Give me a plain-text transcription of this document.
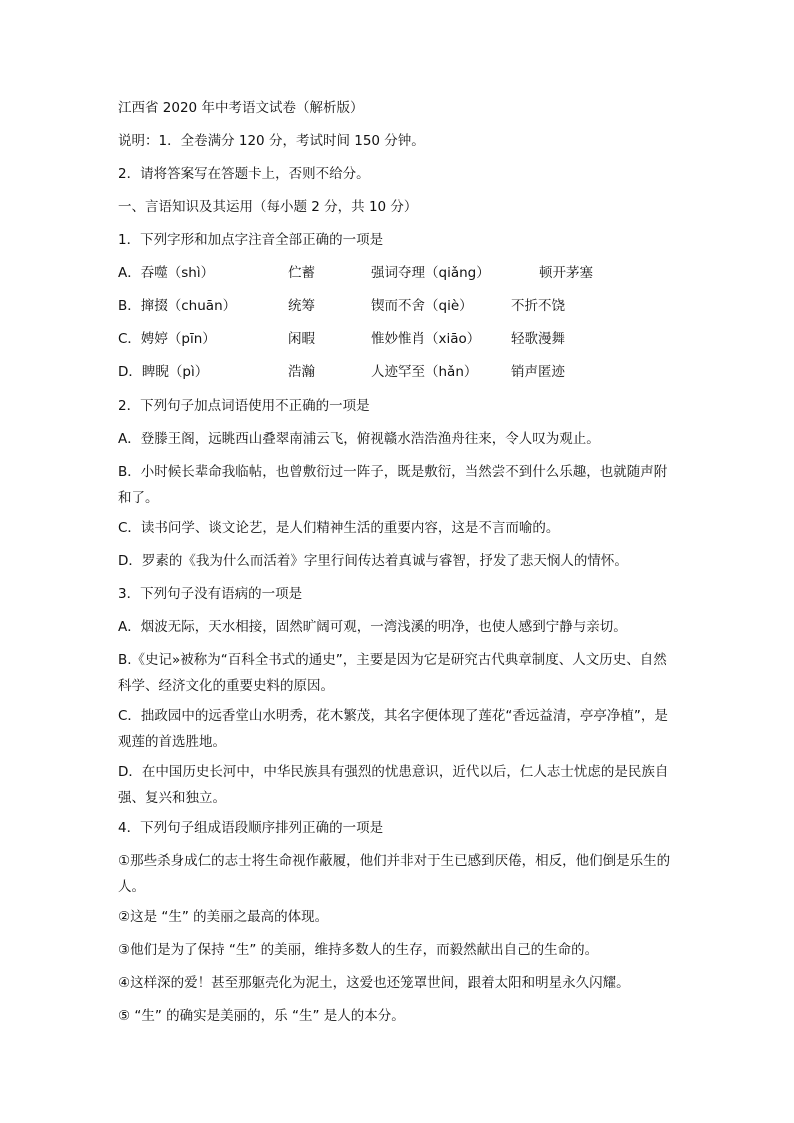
江西省 2020 年中考语文试卷（解析版）
说明：1．全卷满分 120 分，考试时间 150 分钟。
2．请将答案写在答题卡上，否则不给分。
一、言语知识及其运用（每小题 2 分，共 10 分）
1．下列字形和加点字注音全部正确的一项是
A．吞噬（shì）	伫蓄	强词夺理（qiǎng）	顿开茅塞
B．撺掇（chuān）	统筹	锲而不舍（qiè）	不折不饶
C．娉婷（pīn）	闲暇	惟妙惟肖（xiāo） 轻歌漫舞
D．睥睨（pì）	浩瀚	人迹罕至（hǎn） 销声匿迹
2．下列句子加点词语使用不正确的一项是
A．登滕王阁，远眺西山叠翠南浦云飞，俯视赣水浩浩渔舟往来，令人叹为观止。
B．小时候长辈命我临帖，也曾敷衍过一阵子，既是敷衍，当然尝不到什么乐趣，也就随声附和了。
C．读书问学、谈文论艺，是人们精神生活的重要内容，这是不言而喻的。
D．罗素的《我为什么而活着》字里行间传达着真诚与睿智，抒发了悲天悯人的情怀。
3．下列句子没有语病的一项是
A．烟波无际，天水相接，固然旷阔可观，一湾浅溪的明净，也使人感到宁静与亲切。
B.《史记»被称为“百科全书式的通史”，主要是因为它是研究古代典章制度、人文历史、自然科学、经济文化的重要史料的原因。
C．拙政园中的远香堂山水明秀，花木繁茂，其名字便体现了莲花“香远益清，亭亭净植”，是观莲的首选胜地。
D．在中国历史长河中，中华民族具有强烈的忧患意识，近代以后，仁人志士忧虑的是民族自强、复兴和独立。
4．下列句子组成语段顺序排列正确的一项是
①那些杀身成仁的志士将生命视作蔽履，他们并非对于生已感到厌倦，相反，他们倒是乐生的人。
②这是 “生” 的美丽之最高的体现。
③他们是为了保持 “生” 的美丽，维持多数人的生存，而毅然献出自己的生命的。
④这样深的爱！甚至那躯壳化为泥土，这爱也还笼罩世间，跟着太阳和明星永久闪耀。
⑤ “生” 的确实是美丽的，乐 “生” 是人的本分。
